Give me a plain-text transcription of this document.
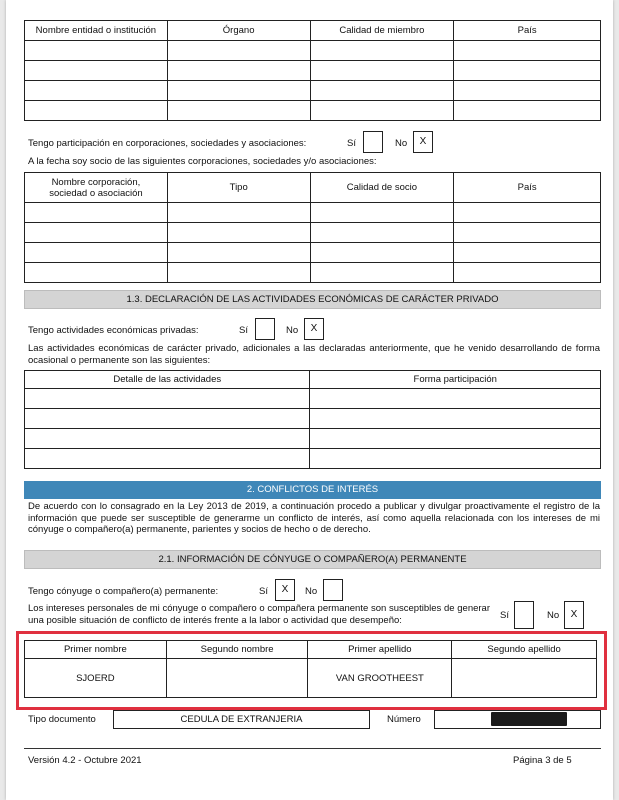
Nombre entidad o institución	Órgano	Calidad de miembro	País

Tengo participación en corporaciones, sociedades y asociaciones:	Sí	No	X
A la fecha soy socio de las siguientes corporaciones, sociedades y/o asociaciones:
Nombre corporación, sociedad o asociación	Tipo	Calidad de socio	País

1.3. DECLARACIÓN DE LAS ACTIVIDADES ECONÓMICAS DE CARÁCTER PRIVADO
Tengo actividades económicas privadas:	Sí	No	X
Las actividades económicas de carácter privado, adicionales a las declaradas anteriormente, que he venido desarrollando de forma ocasional o permanente son las siguientes:
Detalle de las actividades	Forma participación

2. CONFLICTOS DE INTERÉS
De acuerdo con lo consagrado en la Ley 2013 de 2019, a continuación procedo a publicar y divulgar proactivamente el registro de la información que puede ser susceptible de generarme un conflicto de interés, así como aquella relacionada con los intereses de mi cónyuge o compañero(a) permanente, parientes y socios de hecho o de derecho.
2.1. INFORMACIÓN DE CÓNYUGE O COMPAÑERO(A) PERMANENTE
Tengo cónyuge o compañero(a) permanente:	Sí	X	No
Los intereses personales de mi cónyuge o compañero o compañera permanente son susceptibles de generar una posible situación de conflicto de interés frente a la labor o actividad que desempeño:	Sí	No	X
Primer nombre	Segundo nombre	Primer apellido	Segundo apellido
SJOERD		VAN GROOTHEEST	
Tipo documento	CEDULA DE EXTRANJERIA	Número
Versión 4.2 - Octubre 2021	Página 3 de 5
